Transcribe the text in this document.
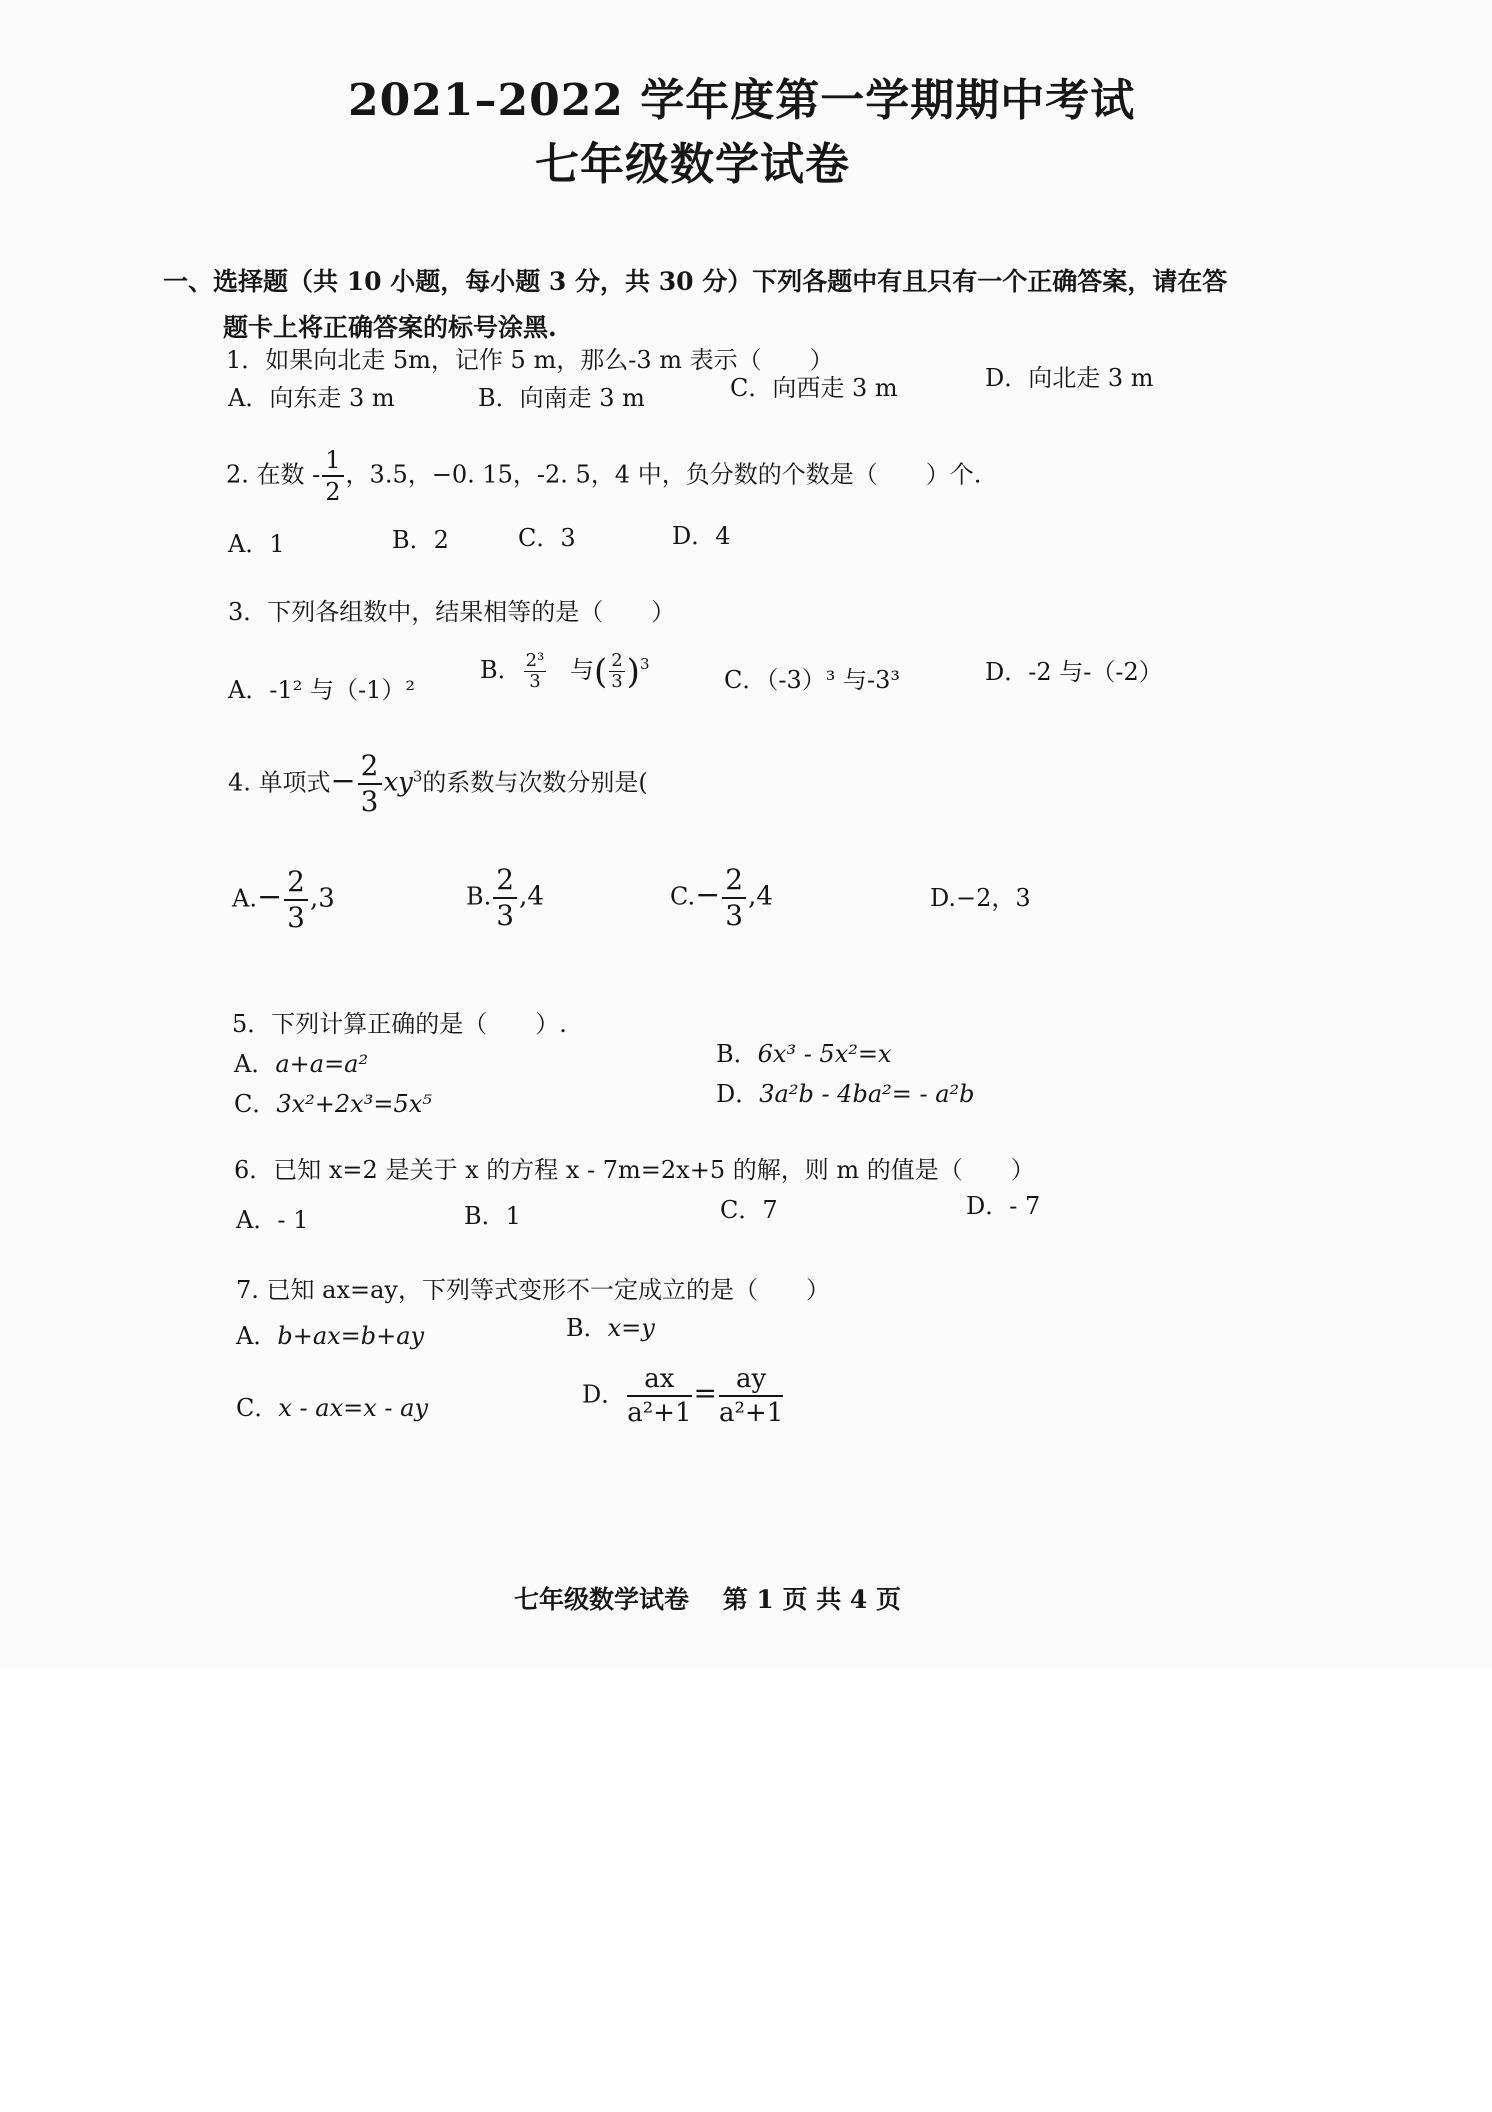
2021–2022 学年度第一学期期中考试
七年级数学试卷
一、选择题（共 10 小题，每小题 3 分，共 30 分）下列各题中有且只有一个正确答案，请在答
题卡上将正确答案的标号涂黑.
1．如果向北走 5m，记作 5 m，那么-3 m 表示（　　）
A．向东走 3 m	B．向南走 3 m	C．向西走 3 m	D．向北走 3 m
2. 在数 - $\frac{1}{2}$ ，3.5，−0. 15，-2. 5，4 中，负分数的个数是（　　）个.
A．1	B．2	C．3	D．4
3．下列各组数中，结果相等的是（　　）
A．-1² 与（-1）²
B． $\frac{\text{2³}}{3}$ 与( $\frac{2}{3} )^3$
C．（-3）³ 与-3³	D．-2 与-（-2）
4. 单项式− $\frac{2}{3} xy^3$的系数与次数分别是(
$A.- \frac{2}{3} ,3$	B. $\frac{2}{3} ,4$	$C.- \frac{2}{3} ,4$	D.−2，3
5．下列计算正确的是（　　）.
A．a+a=a²	B．6x³ - 5x²=x
C．3x²+2x³=5x⁵	D．3a²b - 4ba²= - a²b
6．已知 x=2 是关于 x 的方程 x - 7m=2x+5 的解，则 m 的值是（　　）
A．- 1	B．1	C．7	D．- 7
7. 已知 ax=ay，下列等式变形不一定成立的是（　　）
A．b+ax=b+ay	B．x=y
C．x - ax=x - ay	D． $\frac{ax}{\text{a²+1}} = \frac{ay}{\text{a²+1}}$
七年级数学试卷　 第 1 页 共 4 页
